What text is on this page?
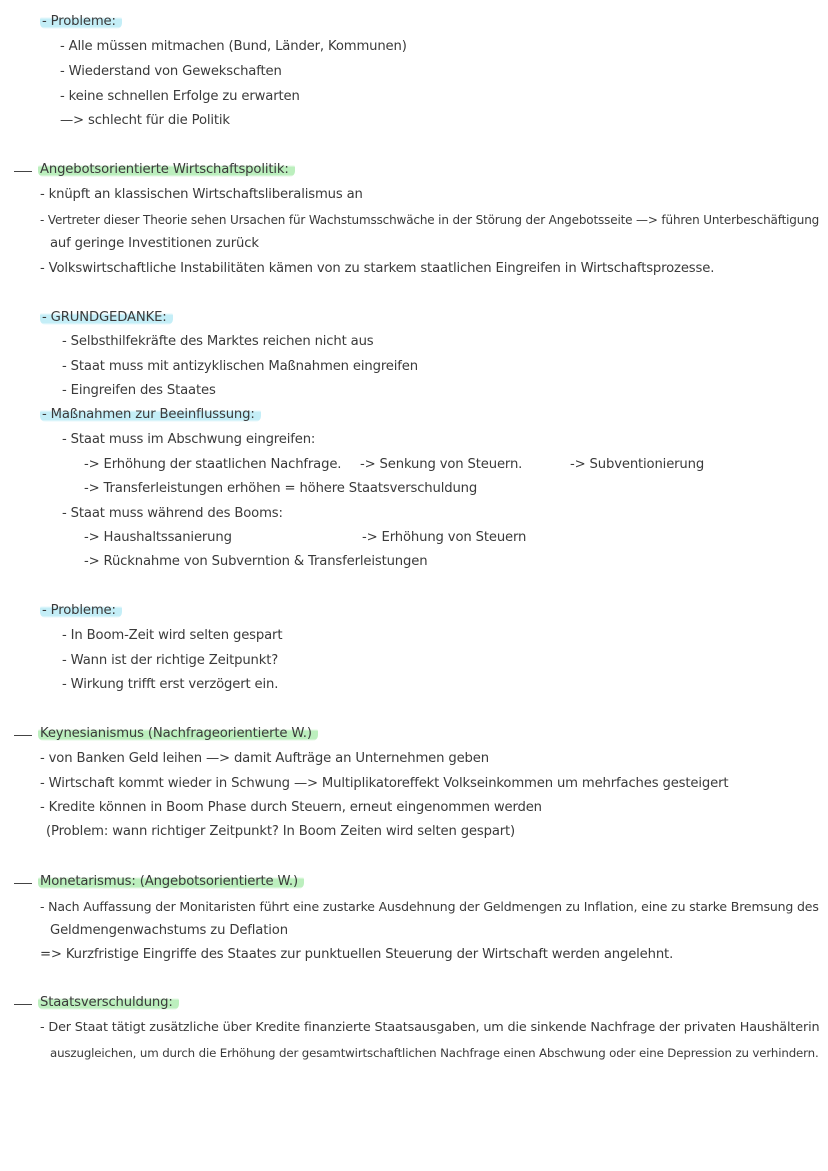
- Probleme:
- Alle müssen mitmachen (Bund, Länder, Kommunen)
- Wiederstand von Gewekschaften
- keine schnellen Erfolge zu erwarten
—> schlecht für die Politik
Angebotsorientierte Wirtschaftspolitik:
- knüpft an klassischen Wirtschaftsliberalismus an
- Vertreter dieser Theorie sehen Ursachen für Wachstumsschwäche in der Störung der Angebotsseite —> führen Unterbeschäftigung
auf geringe Investitionen zurück
- Volkswirtschaftliche Instabilitäten kämen von zu starkem staatlichen Eingreifen in Wirtschaftsprozesse.
- GRUNDGEDANKE:
- Selbsthilfekräfte des Marktes reichen nicht aus
- Staat muss mit antizyklischen Maßnahmen eingreifen
- Eingreifen des Staates
- Maßnahmen zur Beeinflussung:
- Staat muss im Abschwung eingreifen:
-> Erhöhung der staatlichen Nachfrage. -> Senkung von Steuern.	-> Subventionierung
-> Transferleistungen erhöhen = höhere Staatsverschuldung
- Staat muss während des Booms:
-> Haushaltssanierung	-> Erhöhung von Steuern
-> Rücknahme von Subverntion & Transferleistungen
- Probleme:
- In Boom-Zeit wird selten gespart
- Wann ist der richtige Zeitpunkt?
- Wirkung trifft erst verzögert ein.
Keynesianismus (Nachfrageorientierte W.)
- von Banken Geld leihen —> damit Aufträge an Unternehmen geben
- Wirtschaft kommt wieder in Schwung —> Multiplikatoreffekt Volkseinkommen um mehrfaches gesteigert
- Kredite können in Boom Phase durch Steuern, erneut eingenommen werden
(Problem: wann richtiger Zeitpunkt? In Boom Zeiten wird selten gespart)
Monetarismus: (Angebotsorientierte W.)
- Nach Auffassung der Monitaristen führt eine zustarke Ausdehnung der Geldmengen zu Inflation, eine zu starke Bremsung des
Geldmengenwachstums zu Deflation
=> Kurzfristige Eingriffe des Staates zur punktuellen Steuerung der Wirtschaft werden angelehnt.
Staatsverschuldung:
- Der Staat tätigt zusätzliche über Kredite finanzierte Staatsausgaben, um die sinkende Nachfrage der privaten Haushälterin
auszugleichen, um durch die Erhöhung der gesamtwirtschaftlichen Nachfrage einen Abschwung oder eine Depression zu verhindern.
